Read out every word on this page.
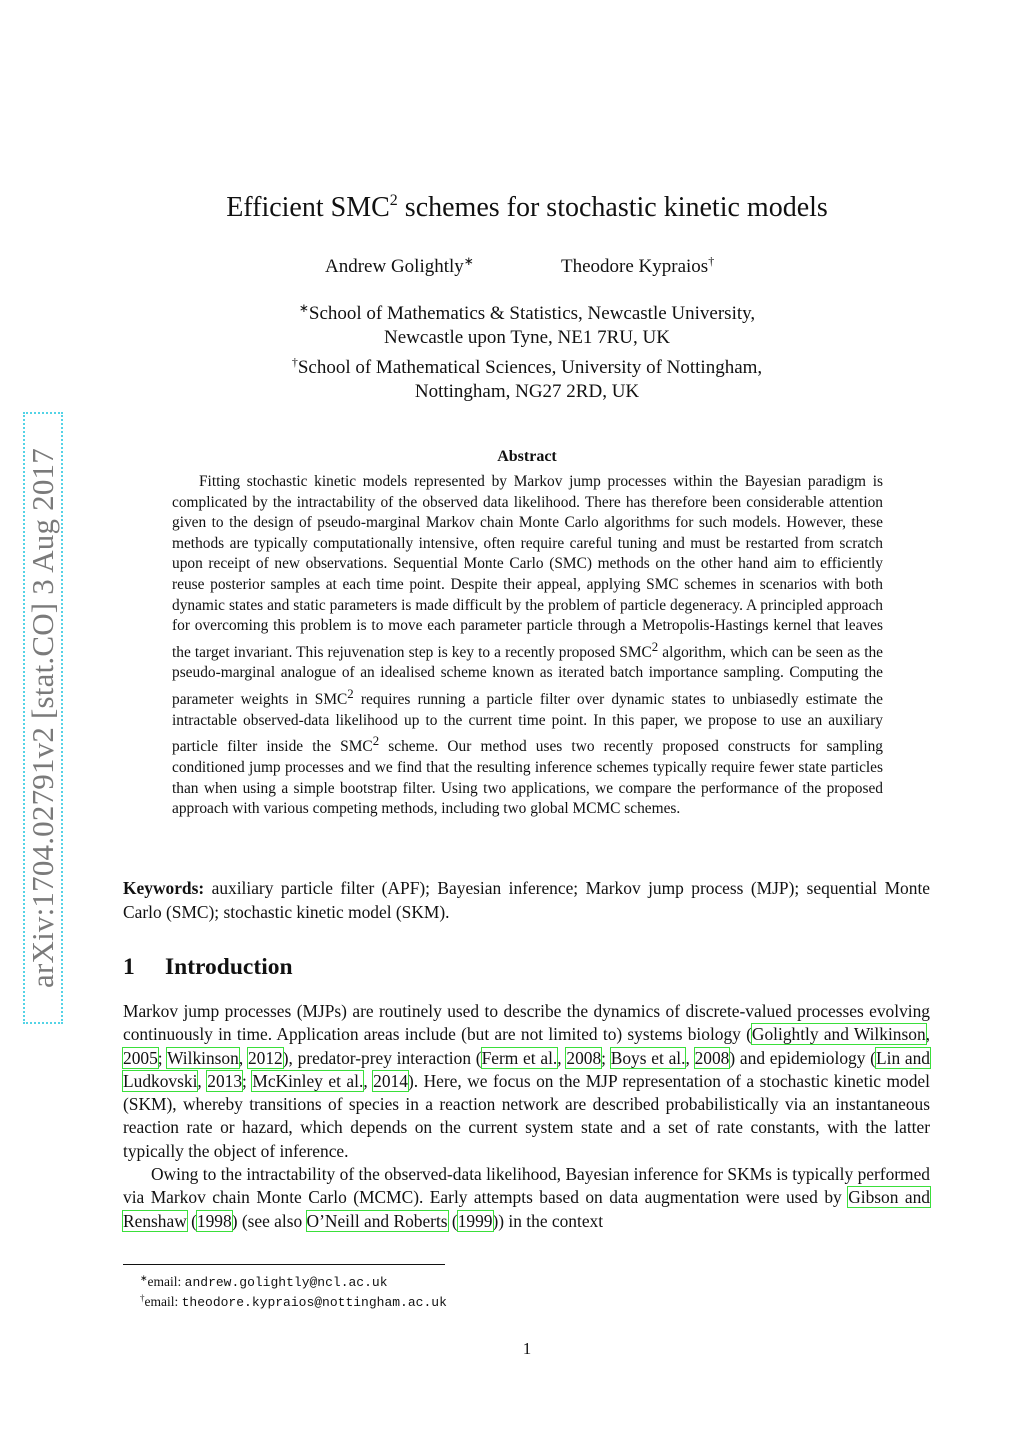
arXiv:1704.02791v2 [stat.CO] 3 Aug 2017
Efficient SMC$^2$ schemes for stochastic kinetic models
Andrew Golightly∗	Theodore Kypraios†
∗School of Mathematics & Statistics, Newcastle University,
Newcastle upon Tyne, NE1 7RU, UK
†School of Mathematical Sciences, University of Nottingham,
Nottingham, NG27 2RD, UK
Abstract
Fitting stochastic kinetic models represented by Markov jump processes within the Bayesian paradigm is complicated by the intractability of the observed data likelihood. There has therefore been considerable attention given to the design of pseudo-marginal Markov chain Monte Carlo algorithms for such models. However, these methods are typically computationally intensive, often require careful tuning and must be restarted from scratch upon receipt of new observations. Sequential Monte Carlo (SMC) methods on the other hand aim to efficiently reuse posterior samples at each time point. Despite their appeal, applying SMC schemes in scenarios with both dynamic states and static parameters is made difficult by the problem of particle degeneracy. A principled approach for overcoming this problem is to move each parameter particle through a Metropolis-Hastings kernel that leaves the target invariant. This rejuvenation step is key to a recently proposed SMC$^2$ algorithm, which can be seen as the pseudo-marginal analogue of an idealised scheme known as iterated batch importance sampling. Computing the parameter weights in SMC$^2$ requires running a particle filter over dynamic states to unbiasedly estimate the intractable observed-data likelihood up to the current time point. In this paper, we propose to use an auxiliary particle filter inside the SMC$^2$ scheme. Our method uses two recently proposed constructs for sampling conditioned jump processes and we find that the resulting inference schemes typically require fewer state particles than when using a simple bootstrap filter. Using two applications, we compare the performance of the proposed approach with various competing methods, including two global MCMC schemes.
Keywords: auxiliary particle filter (APF); Bayesian inference; Markov jump process (MJP); sequential Monte Carlo (SMC); stochastic kinetic model (SKM).
1 Introduction

Markov jump processes (MJPs) are routinely used to describe the dynamics of discrete-valued processes evolving continuously in time. Application areas include (but are not limited to) systems biology (Golightly and Wilkinson, 2005; Wilkinson, 2012), predator-prey interaction (Ferm et al., 2008; Boys et al., 2008) and epidemiology (Lin and Ludkovski, 2013; McKinley et al., 2014). Here, we focus on the MJP representation of a stochastic kinetic model (SKM), whereby transitions of species in a reaction network are described probabilistically via an instantaneous reaction rate or hazard, which depends on the current system state and a set of rate constants, with the latter typically the object of inference.

Owing to the intractability of the observed-data likelihood, Bayesian inference for SKMs is typically performed via Markov chain Monte Carlo (MCMC). Early attempts based on data augmentation were used by Gibson and Renshaw (1998) (see also O’Neill and Roberts (1999)) in the context

∗email: andrew.golightly@ncl.ac.uk
†email: theodore.kypraios@nottingham.ac.uk
1
